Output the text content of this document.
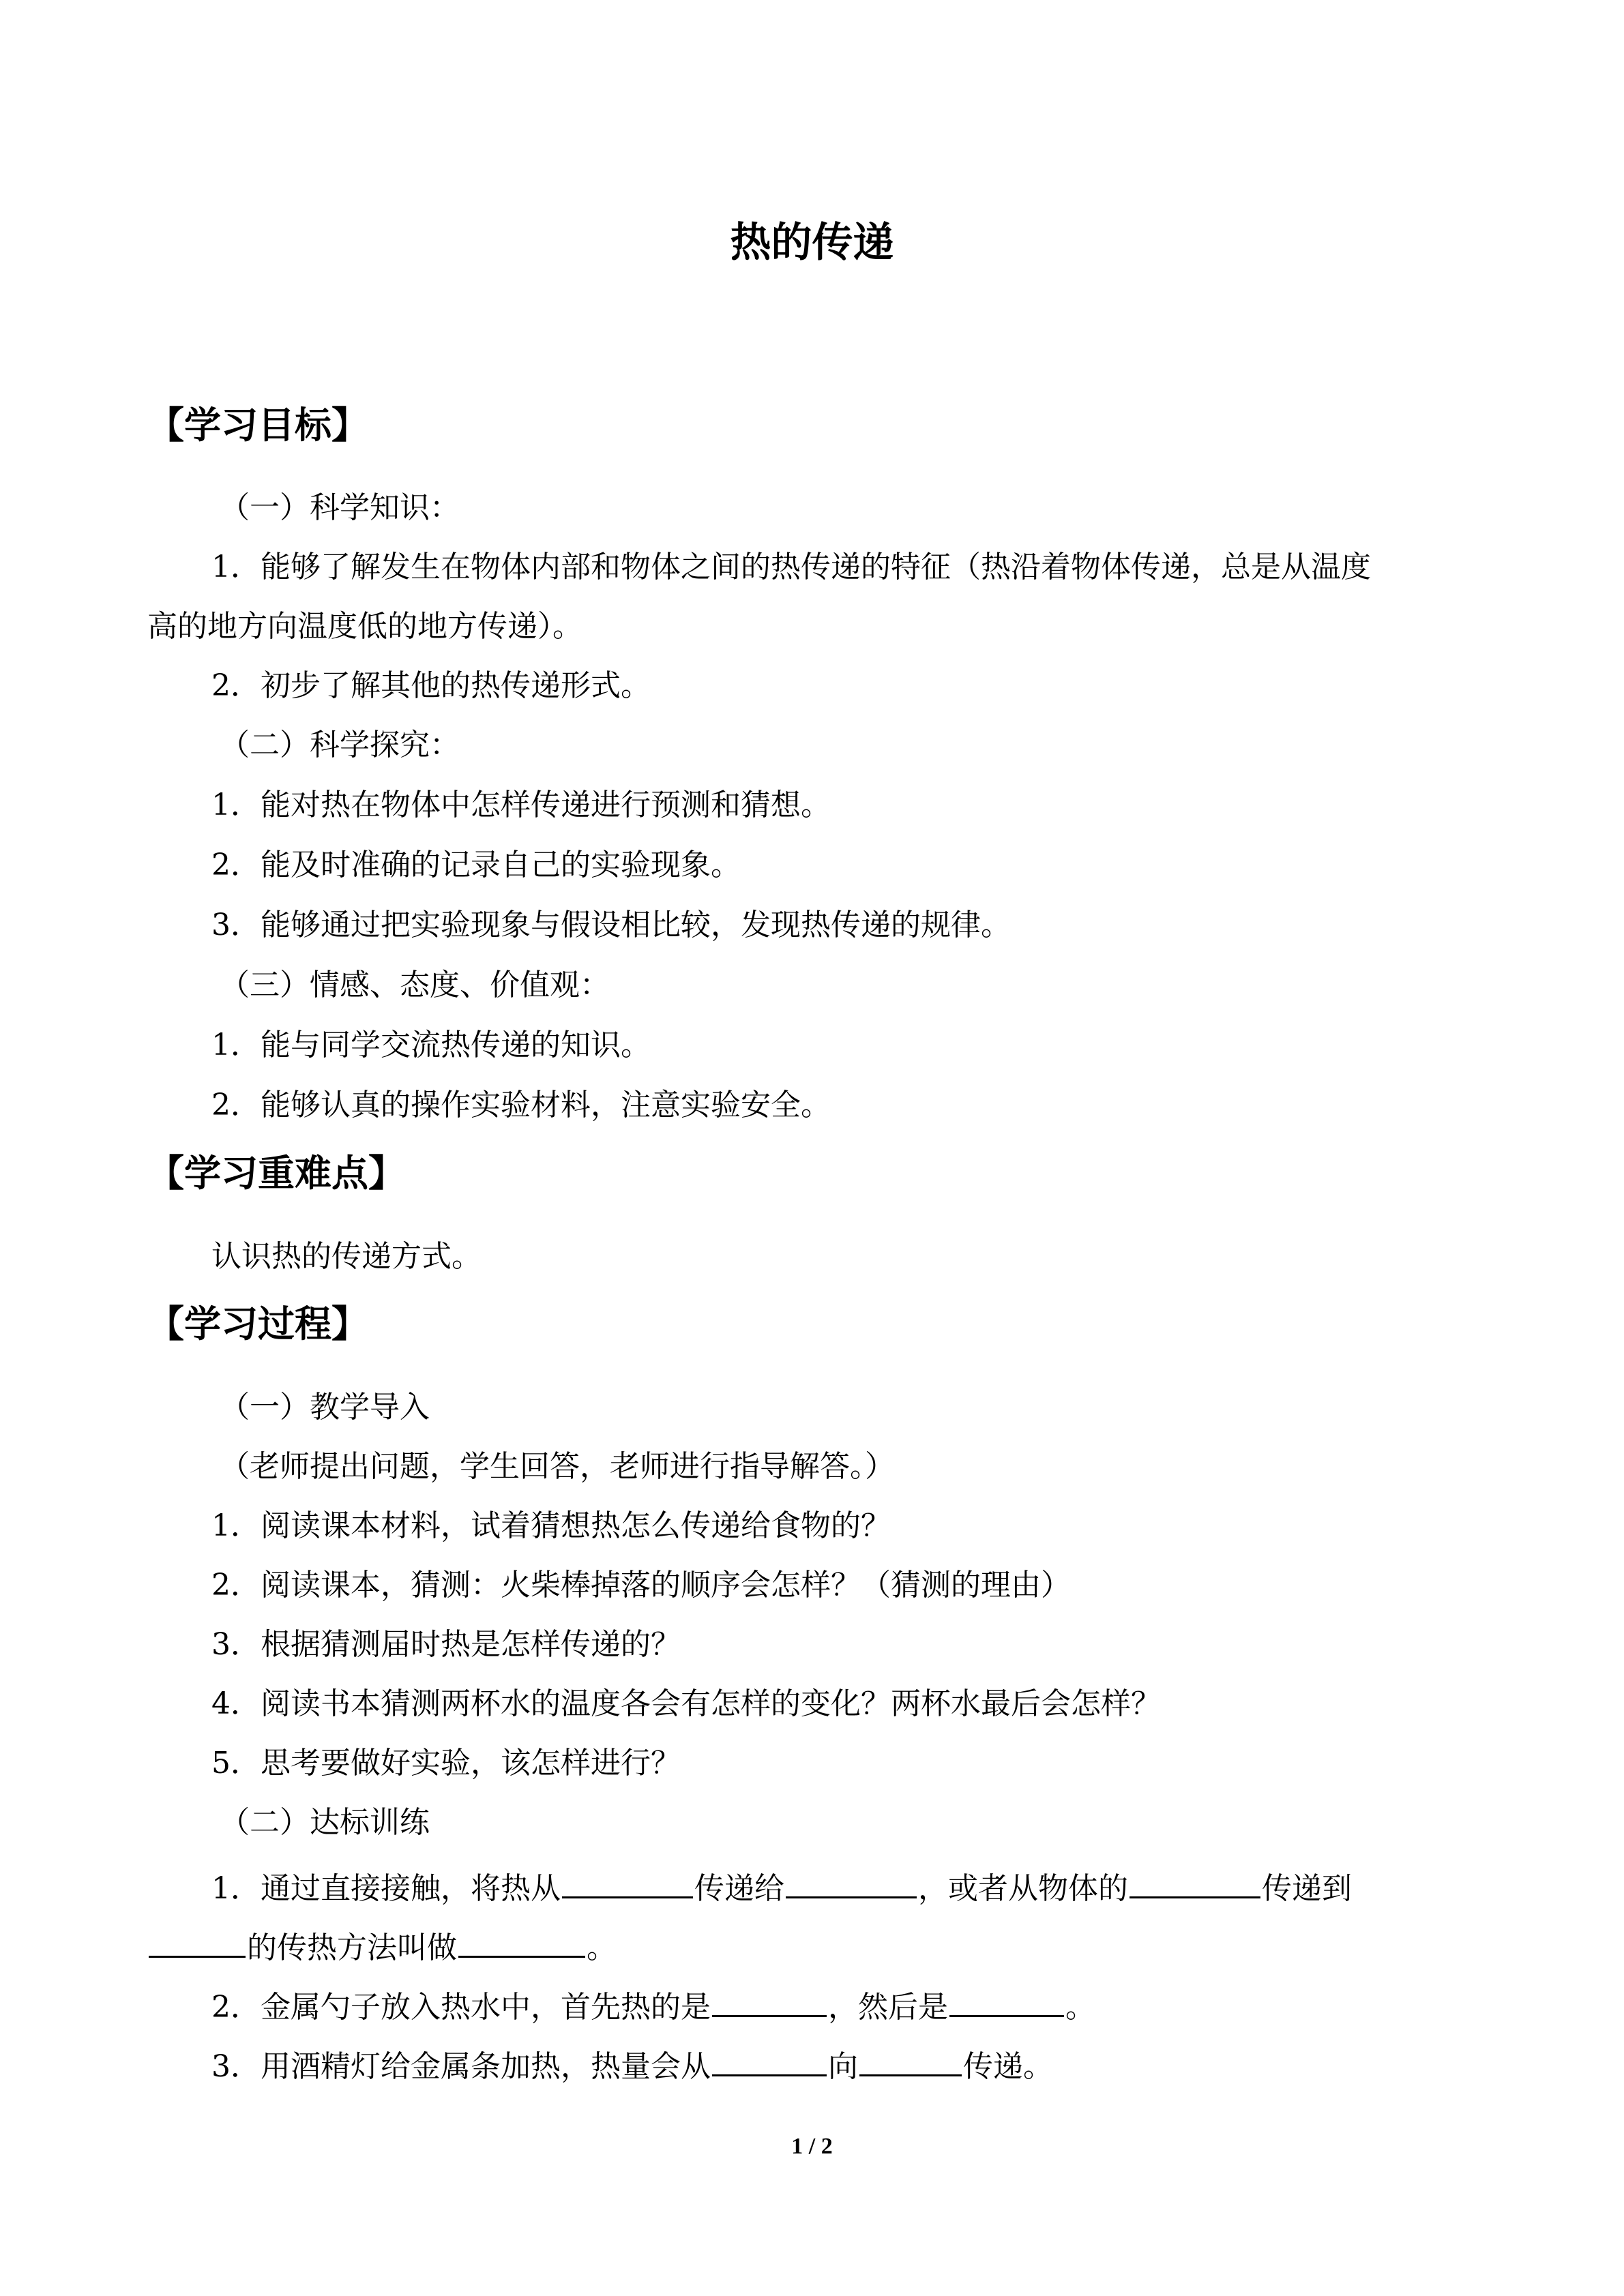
热的传递
【学习目标】
（一）科学知识：
1．能够了解发生在物体内部和物体之间的热传递的特征（热沿着物体传递，总是从温度
高的地方向温度低的地方传递）。
2．初步了解其他的热传递形式。
（二）科学探究：
1．能对热在物体中怎样传递进行预测和猜想。
2．能及时准确的记录自己的实验现象。
3．能够通过把实验现象与假设相比较，发现热传递的规律。
（三）情感、态度、价值观：
1．能与同学交流热传递的知识。
2．能够认真的操作实验材料，注意实验安全。
【学习重难点】
认识热的传递方式。
【学习过程】
（一）教学导入
（老师提出问题，学生回答，老师进行指导解答。）
1．阅读课本材料，试着猜想热怎么传递给食物的？
2．阅读课本，猜测：火柴棒掉落的顺序会怎样？（猜测的理由）
3．根据猜测届时热是怎样传递的？
4．阅读书本猜测两杯水的温度各会有怎样的变化？两杯水最后会怎样？
5．思考要做好实验，该怎样进行？
（二）达标训练
1．通过直接接触，将热从	传递给	，或者从物体的	传递到
的传热方法叫做	。
2．金属勺子放入热水中，首先热的是	，然后是	。
3．用酒精灯给金属条加热，热量会从	向	传递。
1 / 2
